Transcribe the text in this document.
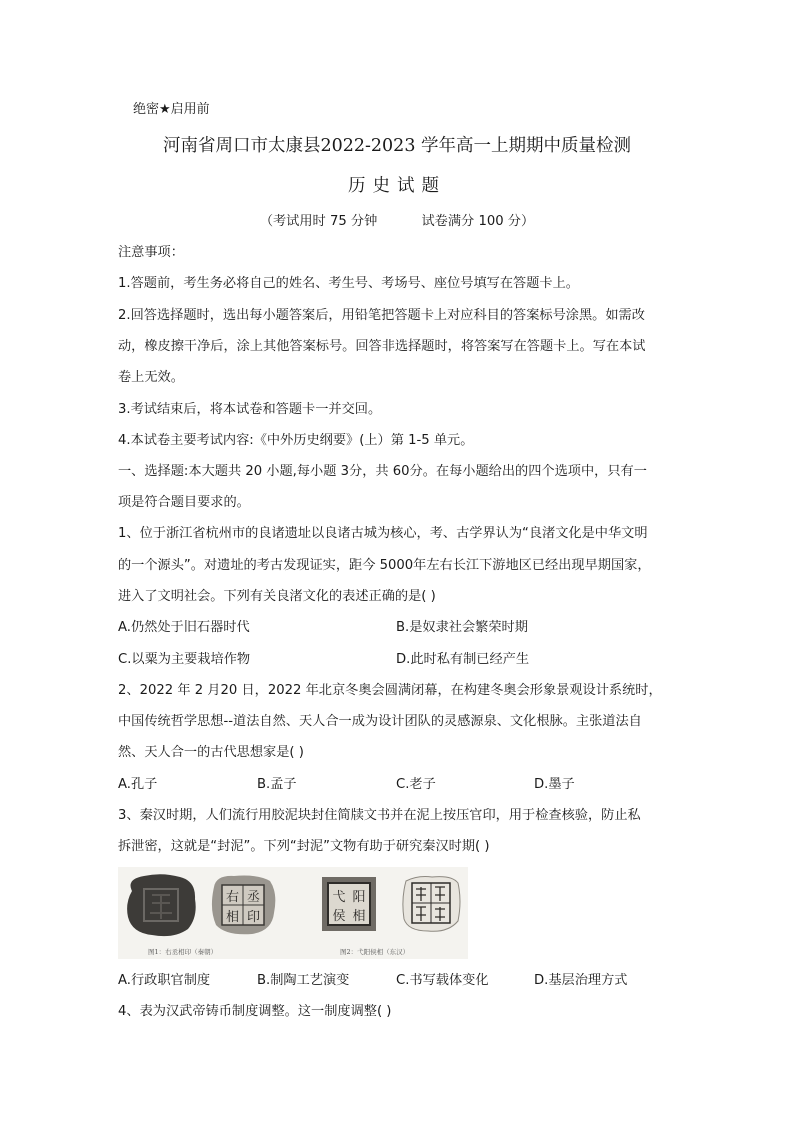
绝密★启用前
河南省周口市太康县2022-2023 学年高一上期期中质量检测
历史试题
（考试用时 75 分钟	试卷满分 100 分）
注意事项：
1.答题前，考生务必将自己的姓名、考生号、考场号、座位号填写在答题卡上。
2.回答选择题时，选出每小题答案后，用铅笔把答题卡上对应科目的答案标号涂黑。如需改
动，橡皮擦干净后，涂上其他答案标号。回答非选择题时，将答案写在答题卡上。写在本试
卷上无效。
3.考试结束后，将本试卷和答题卡一并交回。
4.本试卷主要考试内容:《中外历史纲要》(上）第 1-5 单元。
一、选择题:本大题共 20 小题,每小题 3分，共 60分。在每小题给出的四个选项中，只有一
项是符合题目要求的。
1、位于浙江省杭州市的良诸遗址以良诸古城为核心，考、古学界认为“良渚文化是中华文明
的一个源头”。对遗址的考古发现证实，距今 5000年左右长江下游地区已经出现早期国家，
进入了文明社会。下列有关良渚文化的表述正确的是( )
A.仍然处于旧石器时代	B.是奴隶社会繁荣时期
C.以粟为主要栽培作物	D.此时私有制已经产生
2、2022 年 2 月20 日，2022 年北京冬奥会圆满闭幕，在构建冬奥会形象景观设计系统时，
中国传统哲学思想--道法自然、天人合一成为设计团队的灵感源泉、文化根脉。主张道法自
然、天人合一的古代思想家是( )
A.孔子	B.孟子	C.老子	D.墨子
3、秦汉时期，人们流行用胶泥块封住简牍文书并在泥上按压官印，用于检查核验，防止私
拆泄密，这就是“封泥”。下列“封泥”文物有助于研究秦汉时期( )
右 丞
相 印
弋 阳
侯 相
图1：右丞相印（秦朝）	图2：弋阳侯相（东汉）
A.行政职官制度	B.制陶工艺演变	C.书写载体变化	D.基层治理方式
4、表为汉武帝铸币制度调整。这一制度调整( )
